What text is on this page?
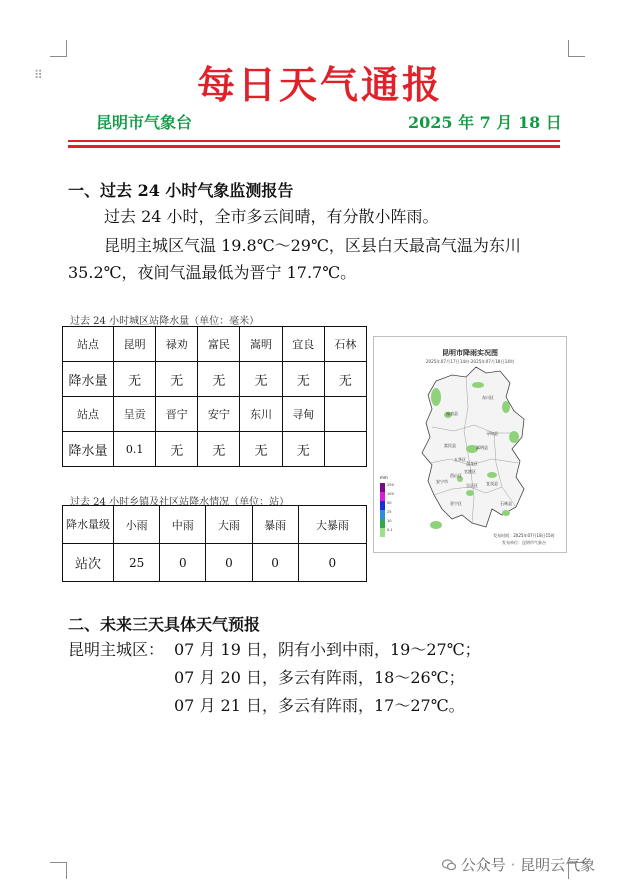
⠿	每日天气通报
昆明市气象台	2025 年 7 月 18 日
一、过去 24 小时气象监测报告
过去 24 小时，全市多云间晴，有分散小阵雨。
昆明主城区气温 19.8℃～29℃，区县白天最高气温为东川
35.2℃，夜间气温最低为晋宁 17.7℃。
过去 24 小时城区站降水量（单位：毫米）
站点	昆明	禄劝	富民	嵩明	宜良	石林
降水量	无	无	无	无	无	无
站点	呈贡	晋宁	安宁	东川	寻甸	
降水量	0.1	无	无	无	无	
过去 24 小时乡镇及社区站降水情况（单位：站）
降水量级	小雨	中雨	大雨	暴雨	大暴雨
站次	25	0	0	0	0
昆明市降雨实况图
2025年07月17日14时-2025年07月18日14时
禄劝县
东川区
寻甸县
嵩明县
富民县
五华区
盘龙区
官渡区
西山区
安宁市
呈贡区
晋宁区
宜良县
石林县
mm
250
100
50
25
10
0.1
发布时间：2025年07月18日15时
发布单位：昆明市气象台
二、未来三天具体天气预报
昆明主城区： 07 月 19 日，阴有小到中雨，19～27℃；
07 月 20 日，多云有阵雨，18～26℃；
07 月 21 日，多云有阵雨，17～27℃。
公众号 · 昆明云气象
